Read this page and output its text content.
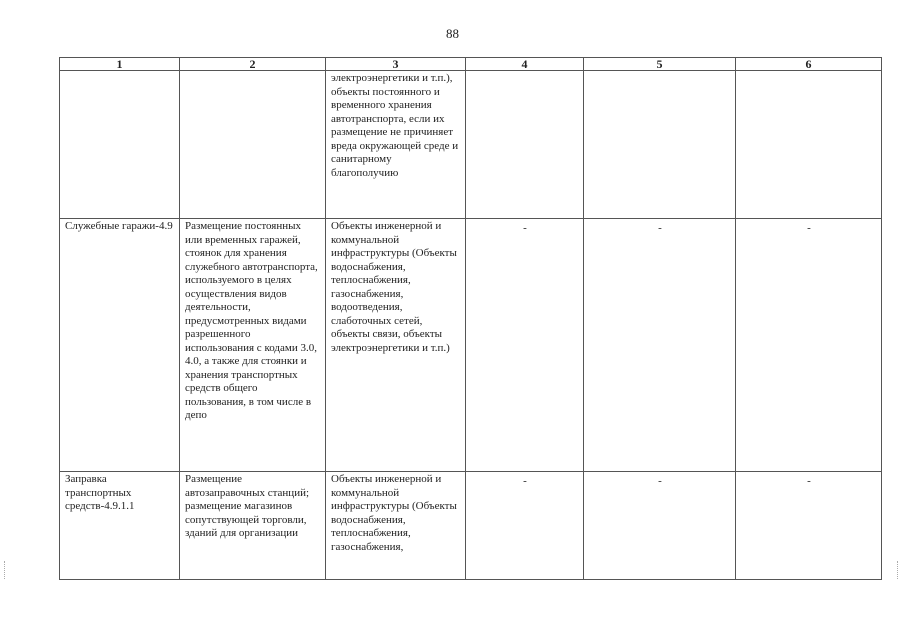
88
1	2	3	4	5	6
		электроэнергетики и т.п.), объекты постоянного и временного хранения автотранспорта, если их размещение не причиняет вреда окружающей среде и санитарному благополучию			
Служебные гаражи-4.9	Размещение постоянных или временных гаражей, стоянок для хранения служебного автотранспорта, используемого в целях осуществления видов деятельности, предусмотренных видами разрешенного использования с кодами 3.0, 4.0, а также для стоянки и хранения транспортных средств общего пользования, в том числе в депо	Объекты инженерной и коммунальной инфраструктуры (Объекты водоснабжения, теплоснабжения, газоснабжения, водоотведения, слаботочных сетей, объекты связи, объекты электроэнергетики и т.п.)	-	-	-
Заправка транспортных средств-4.9.1.1	Размещение автозаправочных станций; размещение магазинов сопутствующей торговли, зданий для организации	Объекты инженерной и коммунальной инфраструктуры (Объекты водоснабжения, теплоснабжения, газоснабжения,	-	-	-
